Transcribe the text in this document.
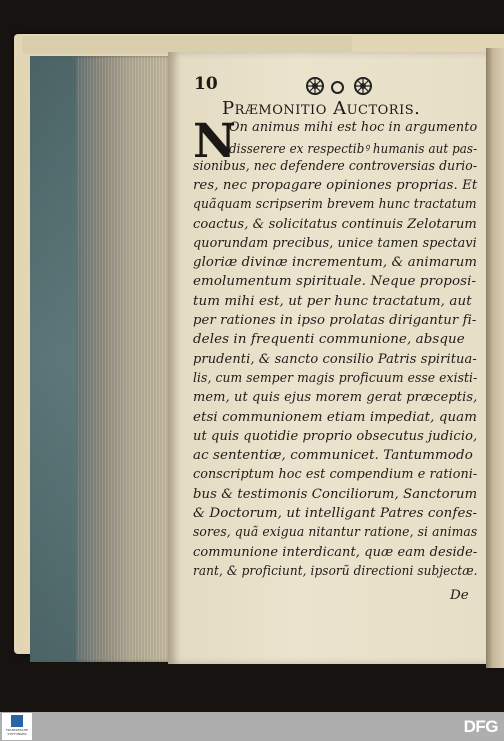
10
Præmonitio Auctoris.
N
On animus mihi est hoc in argumento
disserere ex respectibꝰ humanis aut pas-
sionibus, nec defendere controversias durio-
res, nec propagare opiniones proprias. Et
quãquam scripserim brevem hunc tractatum
coactus, & solicitatus continuis Zelotarum
quorundam precibus, unice tamen spectavi
gloriæ divinæ incrementum, & animarum
emolumentum spirituale. Neque proposi-
tum mihi est, ut per hunc tractatum, aut
per rationes in ipso prolatas dirigantur fi-
deles in frequenti communione, absque
prudenti, & sancto consilio Patris spiritua-
lis, cum semper magis proficuum esse existi-
mem, ut quis ejus morem gerat præceptis,
etsi communionem etiam impediat, quam
ut quis quotidie proprio obsecutus judicio,
ac sententiæ, communicet. Tantummodo
conscriptum hoc est compendium e rationi-
bus & testimonis Conciliorum, Sanctorum
& Doctorum, ut intelligant Patres confes-
sores, quã exigua nitantur ratione, si animas
communione interdicant, quæ eam deside-
rant, & proficiunt, ipsorũ directioni subjectæ.
De
FRANCKESCHE STIFTUNGEN	DFG
